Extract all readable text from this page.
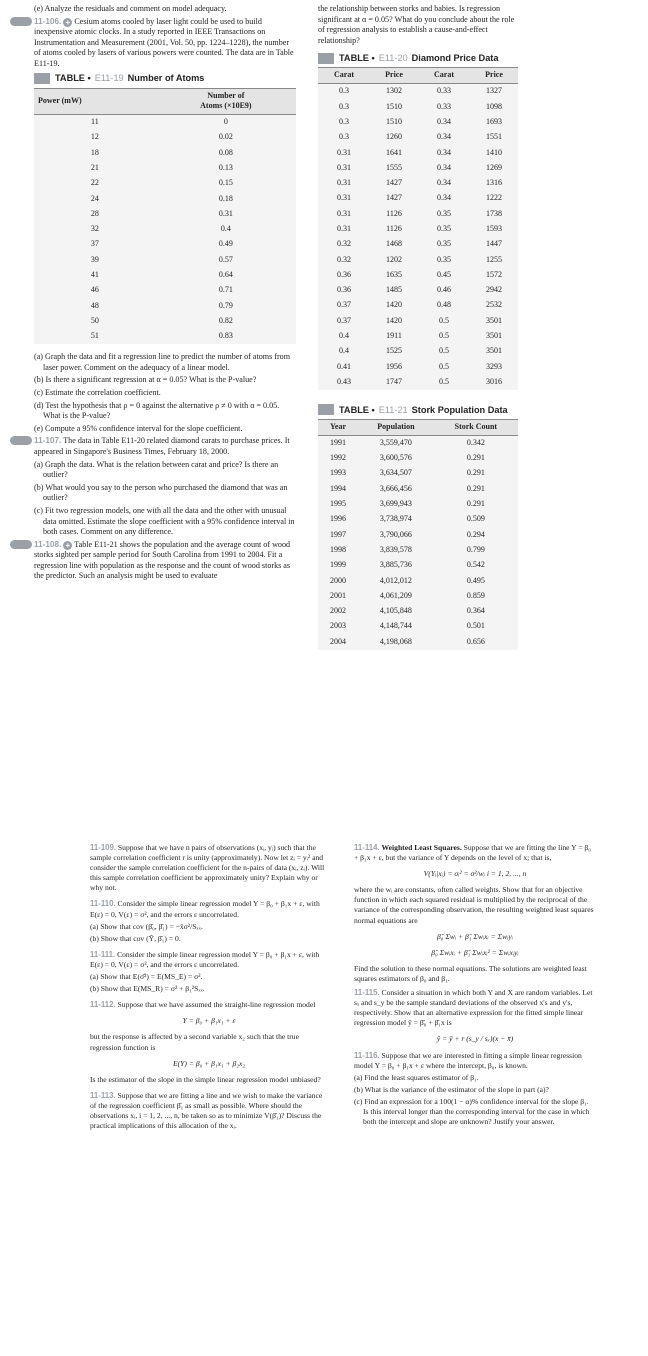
(e) Analyze the residuals and comment on model adequacy.

11-106. + Cesium atoms cooled by laser light could be used to build inexpensive atomic clocks. In a study reported in IEEE Transactions on Instrumentation and Measurement (2001, Vol. 50, pp. 1224–1228), the number of atoms cooled by lasers of various powers were counted. The data are in Table E11-19.

TABLE • E11-19 Number of Atoms
Power (mW)	Number of
Atoms (×10E9)

11	0
12	0.02
18	0.08
21	0.13
22	0.15
24	0.18
28	0.31
32	0.4
37	0.49
39	0.57
41	0.64
46	0.71
48	0.79
50	0.82
51	0.83

(a) Graph the data and fit a regression line to predict the number of atoms from laser power. Comment on the adequacy of a linear model.

(b) Is there a significant regression at α = 0.05? What is the P-value?

(c) Estimate the correlation coefficient.

(d) Test the hypothesis that ρ = 0 against the alternative ρ ≠ 0 with α = 0.05. What is the P-value?

(e) Compute a 95% confidence interval for the slope coefficient.

11-107. The data in Table E11-20 related diamond carats to purchase prices. It appeared in Singapore's Business Times, February 18, 2000.

(a) Graph the data. What is the relation between carat and price? Is there an outlier?

(b) What would you say to the person who purchased the diamond that was an outlier?

(c) Fit two regression models, one with all the data and the other with unusual data omitted. Estimate the slope coefficient with a 95% confidence interval in both cases. Comment on any difference.

11-108. + Table E11-21 shows the population and the average count of wood storks sighted per sample period for South Carolina from 1991 to 2004. Fit a regression line with population as the response and the count of wood storks as the predictor. Such an analysis might be used to evaluate

the relationship between storks and babies. Is regression significant at α = 0.05? What do you conclude about the role of regression analysis to establish a cause-and-effect relationship?

TABLE • E11-20 Diamond Price Data
Carat	Price	Carat	Price
0.3	1302	0.33	1327
0.3	1510	0.33	1098
0.3	1510	0.34	1693
0.3	1260	0.34	1551
0.31	1641	0.34	1410
0.31	1555	0.34	1269
0.31	1427	0.34	1316
0.31	1427	0.34	1222
0.31	1126	0.35	1738
0.31	1126	0.35	1593
0.32	1468	0.35	1447
0.32	1202	0.35	1255
0.36	1635	0.45	1572
0.36	1485	0.46	2942
0.37	1420	0.48	2532
0.37	1420	0.5	3501
0.4	1911	0.5	3501
0.4	1525	0.5	3501
0.41	1956	0.5	3293
0.43	1747	0.5	3016
TABLE • E11-21 Stork Population Data
Year	Population	Stork Count
1991	3,559,470	0.342
1992	3,600,576	0.291
1993	3,634,507	0.291
1994	3,666,456	0.291
1995	3,699,943	0.291
1996	3,738,974	0.509
1997	3,790,066	0.294
1998	3,839,578	0.799
1999	3,885,736	0.542
2000	4,012,012	0.495
2001	4,061,209	0.859
2002	4,105,848	0.364
2003	4,148,744	0.501
2004	4,198,068	0.656

11-109. Suppose that we have n pairs of observations (xᵢ, yᵢ) such that the sample correlation coefficient r is unity (approximately). Now let zᵢ = yᵢ² and consider the sample correlation coefficient for the n-pairs of data (xᵢ, zᵢ). Will this sample correlation coefficient be approximately unity? Explain why or why not.

11-110. Consider the simple linear regression model Y = β₀ + β₁x + ε, with E(ε) = 0, V(ε) = σ², and the errors ε uncorrelated.

(a) Show that cov (β̂₀, β̂₁) = −x̄σ²/Sₓₓ.

(b) Show that cov (Ȳ, β̂₁) = 0.

11-111. Consider the simple linear regression model Y = β₀ + β₁x + ε, with E(ε) = 0, V(ε) = σ², and the errors ε uncorrelated.

(a) Show that E(σ̂²) = E(MS_E) = σ².

(b) Show that E(MS_R) = σ² + β₁²Sₓₓ.

11-112. Suppose that we have assumed the straight-line regression model

Y = β₀ + β₁x₁ + ε

but the response is affected by a second variable x₂ such that the true regression function is

E(Y) = β₀ + β₁x₁ + β₂x₂

Is the estimator of the slope in the simple linear regression model unbiased?

11-113. Suppose that we are fitting a line and we wish to make the variance of the regression coefficient β̂₁ as small as possible. Where should the observations xᵢ, i = 1, 2, ..., n, be taken so as to minimize V(β̂₁)? Discuss the practical implications of this allocation of the xᵢ.

11-114. Weighted Least Squares. Suppose that we are fitting the line Y = β₀ + β₁x + ε, but the variance of Y depends on the level of x; that is,

V(Yᵢ|xᵢ) = σᵢ² = σ²/wᵢ i = 1, 2, ..., n

where the wᵢ are constants, often called weights. Show that for an objective function in which each squared residual is multiplied by the reciprocal of the variance of the corresponding observation, the resulting weighted least squares normal equations are

β̂₀ Σwᵢ + β̂₁ Σwᵢxᵢ = Σwᵢyᵢ
β̂₀ Σwᵢxᵢ + β̂₁ Σwᵢxᵢ² = Σwᵢxᵢyᵢ

Find the solution to these normal equations. The solutions are weighted least squares estimators of β₀ and β₁.

11-115. Consider a situation in which both Y and X are random variables. Let sₓ and s_y be the sample standard deviations of the observed x's and y's, respectively. Show that an alternative expression for the fitted simple linear regression model ŷ = β̂₀ + β̂₁x is

ŷ = ȳ + r (s_y / sₓ)(x − x̄)

11-116. Suppose that we are interested in fitting a simple linear regression model Y = β₀ + β₁x + ε where the intercept, β₀, is known.

(a) Find the least squares estimator of β₁.

(b) What is the variance of the estimator of the slope in part (a)?

(c) Find an expression for a 100(1 − α)% confidence interval for the slope β₁. Is this interval longer than the corresponding interval for the case in which both the intercept and slope are unknown? Justify your answer.
